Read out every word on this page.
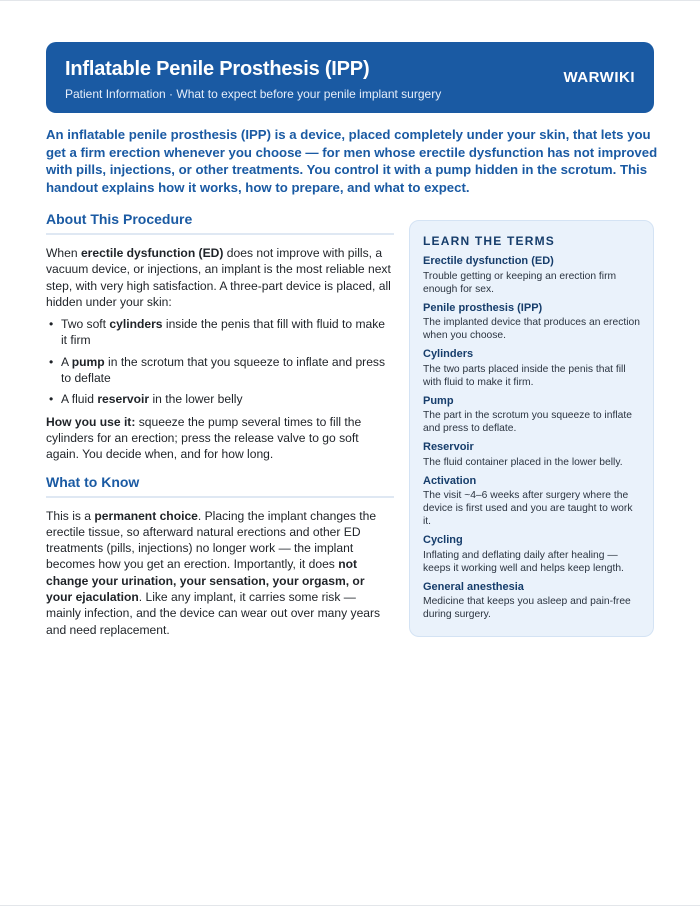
Inflatable Penile Prosthesis (IPP)
Patient Information · What to expect before your penile implant surgery
WARWIKI
An inflatable penile prosthesis (IPP) is a device, placed completely under your skin, that lets you get a firm erection whenever you choose — for men whose erectile dysfunction has not improved with pills, injections, or other treatments. You control it with a pump hidden in the scrotum. This handout explains how it works, how to prepare, and what to expect.
About This Procedure

When erectile dysfunction (ED) does not improve with pills, a vacuum device, or injections, an implant is the most reliable next step, with very high satisfaction. A three-part device is placed, all hidden under your skin:

• Two soft cylinders inside the penis that fill with fluid to make it firm
• A pump in the scrotum that you squeeze to inflate and press to deflate
• A fluid reservoir in the lower belly

How you use it: squeeze the pump several times to fill the cylinders for an erection; press the release valve to go soft again. You decide when, and for how long.

What to Know

This is a permanent choice. Placing the implant changes the erectile tissue, so afterward natural erections and other ED treatments (pills, injections) no longer work — the implant becomes how you get an erection. Importantly, it does not change your urination, your sensation, your orgasm, or your ejaculation. Like any implant, it carries some risk — mainly infection, and the device can wear out over many years and need replacement.

LEARN THE TERMS
Erectile dysfunction (ED)
Trouble getting or keeping an erection firm enough for sex.
Penile prosthesis (IPP)
The implanted device that produces an erection when you choose.
Cylinders
The two parts placed inside the penis that fill with fluid to make it firm.
Pump
The part in the scrotum you squeeze to inflate and press to deflate.
Reservoir
The fluid container placed in the lower belly.
Activation
The visit ~4–6 weeks after surgery where the device is first used and you are taught to work it.
Cycling
Inflating and deflating daily after healing — keeps it working well and helps keep length.
General anesthesia
Medicine that keeps you asleep and pain-free during surgery.
